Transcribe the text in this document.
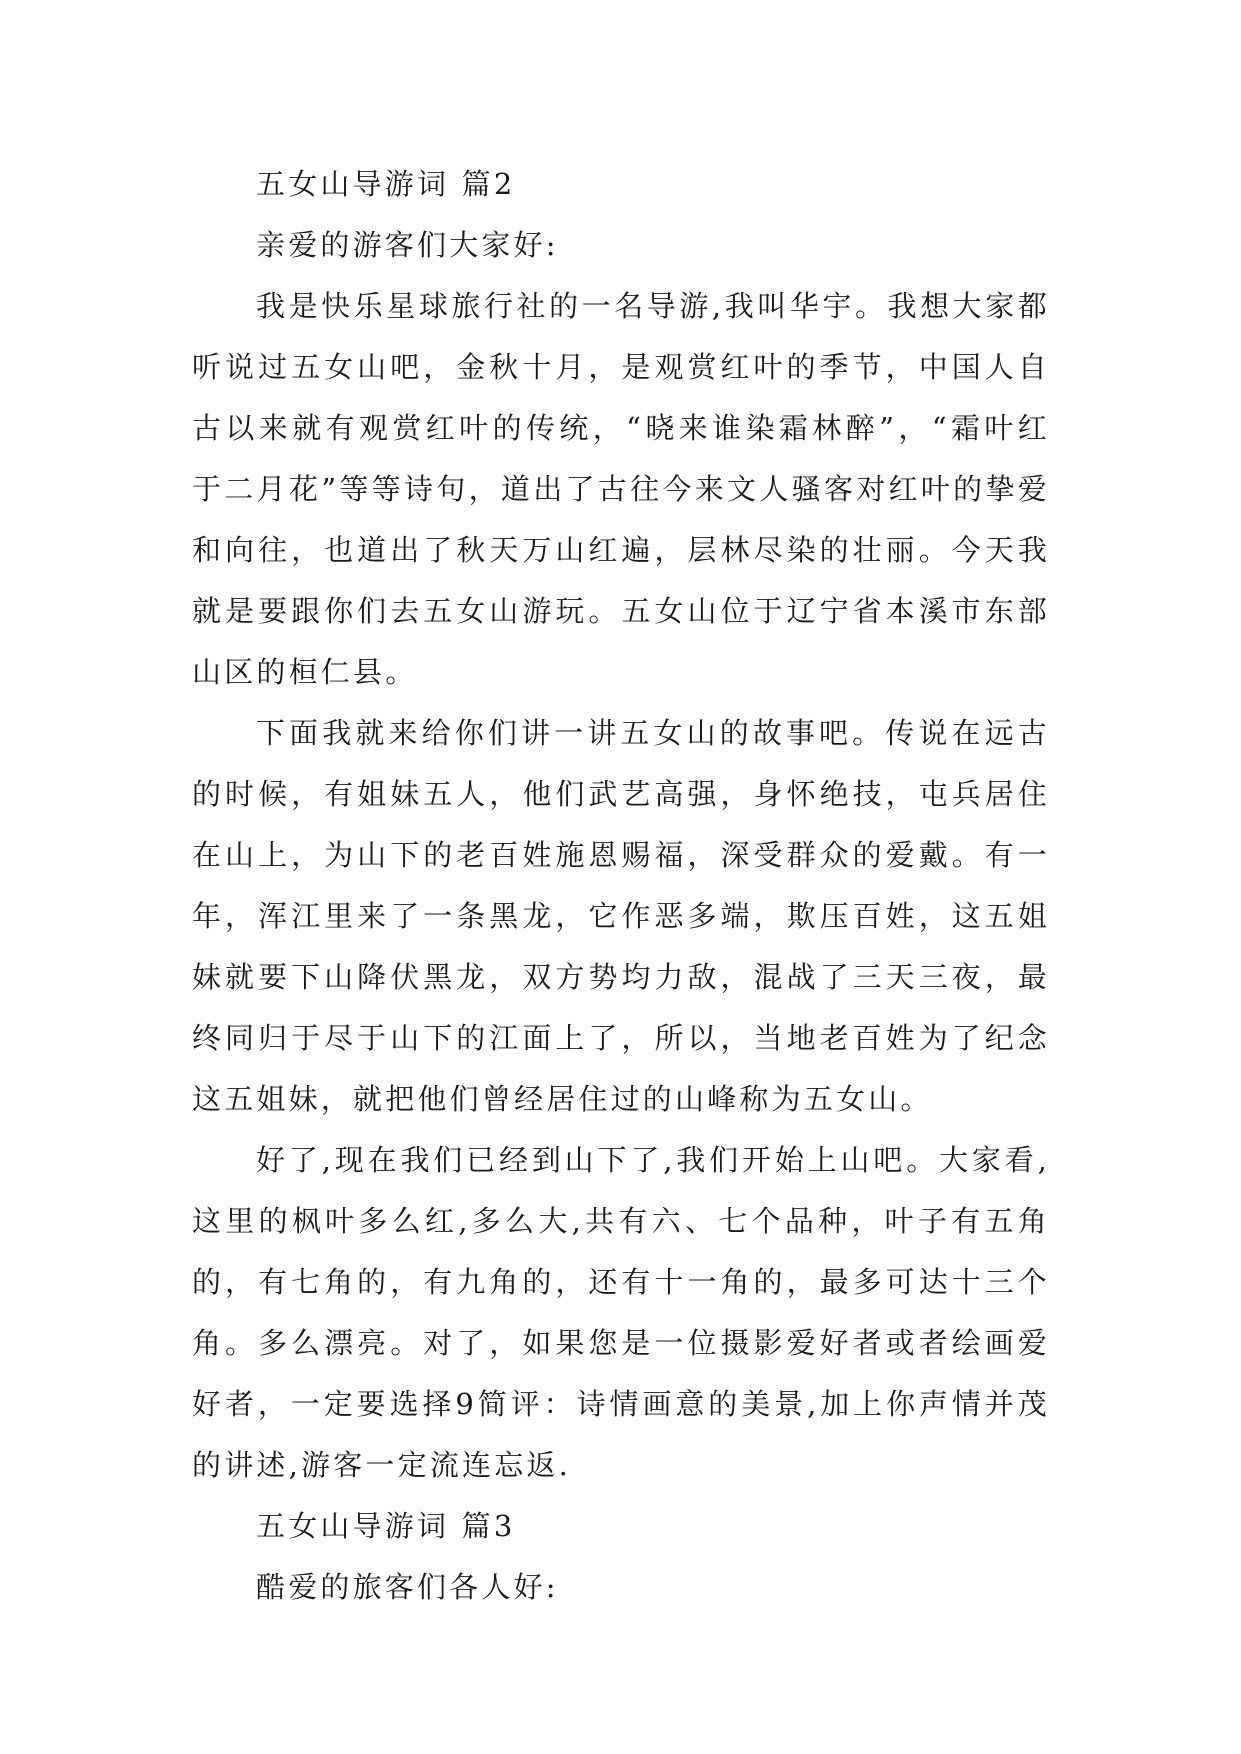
五女山导游词 篇2

亲爱的游客们大家好:

我是快乐星球旅行社的一名导游,我叫华宇。我想大家都听说过五女山吧，金秋十月，是观赏红叶的季节，中国人自古以来就有观赏红叶的传统，“晓来谁染霜林醉”，“霜叶红于二月花”等等诗句，道出了古往今来文人骚客对红叶的挚爱和向往，也道出了秋天万山红遍，层林尽染的壮丽。今天我就是要跟你们去五女山游玩。五女山位于辽宁省本溪市东部山区的桓仁县。

下面我就来给你们讲一讲五女山的故事吧。传说在远古的时候，有姐妹五人，他们武艺高强，身怀绝技，屯兵居住在山上，为山下的老百姓施恩赐福，深受群众的爱戴。有一年，浑江里来了一条黑龙，它作恶多端，欺压百姓，这五姐妹就要下山降伏黑龙，双方势均力敌，混战了三天三夜，最终同归于尽于山下的江面上了，所以，当地老百姓为了纪念这五姐妹，就把他们曾经居住过的山峰称为五女山。

好了,现在我们已经到山下了,我们开始上山吧。大家看,这里的枫叶多么红,多么大,共有六、七个品种，叶子有五角的，有七角的，有九角的，还有十一角的，最多可达十三个角。多么漂亮。对了，如果您是一位摄影爱好者或者绘画爱好者，一定要选择9简评：诗情画意的美景,加上你声情并茂的讲述,游客一定流连忘返.

五女山导游词 篇3

酷爱的旅客们各人好:
